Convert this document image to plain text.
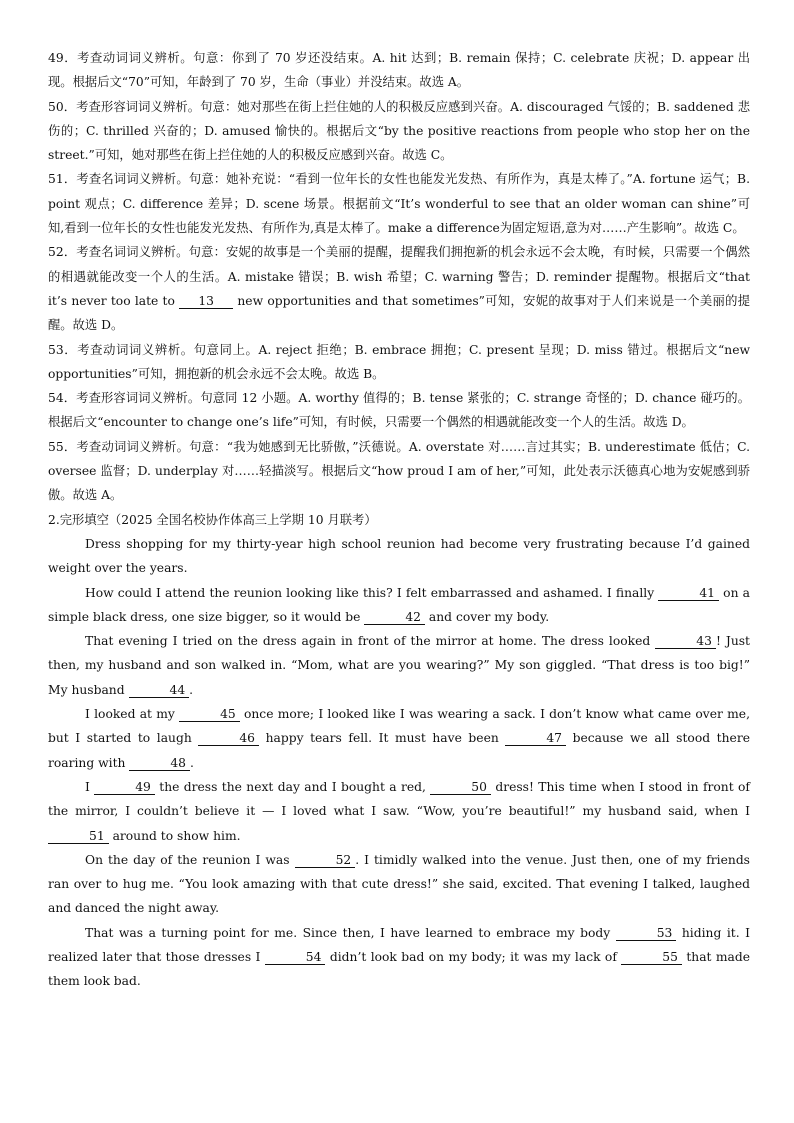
49．考查动词词义辨析。句意：你到了 70 岁还没结束。A. hit 达到；B. remain 保持；C. celebrate 庆祝；D. appear 出现。根据后文“70”可知，年龄到了 70 岁，生命（事业）并没结束。故选 A。

50．考查形容词词义辨析。句意：她对那些在街上拦住她的人的积极反应感到兴奋。A. discouraged 气馁的；B. saddened 悲伤的；C. thrilled 兴奋的；D. amused 愉快的。根据后文“by the positive reactions from people who stop her on the street.”可知，她对那些在街上拦住她的人的积极反应感到兴奋。故选 C。

51．考查名词词义辨析。句意：她补充说：“看到一位年长的女性也能发光发热、有所作为，真是太棒了。”A. fortune 运气；B. point 观点；C. difference 差异；D. scene 场景。根据前文“It’s wonderful to see that an older woman can shine”可知,看到一位年长的女性也能发光发热、有所作为,真是太棒了。make a difference为固定短语,意为对……产生影响”。故选 C。

52．考查名词词义辨析。句意：安妮的故事是一个美丽的提醒，提醒我们拥抱新的机会永远不会太晚，有时候，只需要一个偶然的相遇就能改变一个人的生活。A. mistake 错误；B. wish 希望；C. warning 警告；D. reminder 提醒物。根据后文“that it’s never too late to 13 new opportunities and that sometimes”可知，安妮的故事对于人们来说是一个美丽的提醒。故选 D。

53．考查动词词义辨析。句意同上。A. reject 拒绝；B. embrace 拥抱；C. present 呈现；D. miss 错过。根据后文“new opportunities”可知，拥抱新的机会永远不会太晚。故选 B。

54．考查形容词词义辨析。句意同 12 小题。A. worthy 值得的；B. tense 紧张的；C. strange 奇怪的；D. chance 碰巧的。根据后文“encounter to change one’s life”可知，有时候，只需要一个偶然的相遇就能改变一个人的生活。故选 D。

55．考查动词词义辨析。句意：“我为她感到无比骄傲，”沃德说。A. overstate 对……言过其实；B. underestimate 低估；C. oversee 监督；D. underplay 对……轻描淡写。根据后文“how proud I am of her,”可知，此处表示沃德真心地为安妮感到骄傲。故选 A。

2.完形填空（2025 全国名校协作体高三上学期 10 月联考）

Dress shopping for my thirty-year high school reunion had become very frustrating because I’d gained weight over the years.

How could I attend the reunion looking like this? I felt embarrassed and ashamed. I finally	41 on a simple black dress, one size bigger, so it would be	42 and cover my body.

That evening I tried on the dress again in front of the mirror at home. The dress looked	43 ! Just then, my husband and son walked in. “Mom, what are you wearing?” My son giggled. “That dress is too big!” My husband	44 .

I looked at my	45 once more; I looked like I was wearing a sack. I don’t know what came over me, but I started to laugh	46 happy tears fell. It must have been	47 because we all stood there roaring with	48 .

I	49 the dress the next day and I bought a red,	50 dress! This time when I stood in front of the mirror, I couldn’t believe it — I loved what I saw. “Wow, you’re beautiful!” my husband said, when I 51 around to show him.

On the day of the reunion I was	52 . I timidly walked into the venue. Just then, one of my friends ran over to hug me. “You look amazing with that cute dress!” she said, excited. That evening I talked, laughed and danced the night away.

That was a turning point for me. Since then, I have learned to embrace my body	53 hiding it. I realized later that those dresses I	54 didn’t look bad on my body; it was my lack of	55 that made them look bad.
